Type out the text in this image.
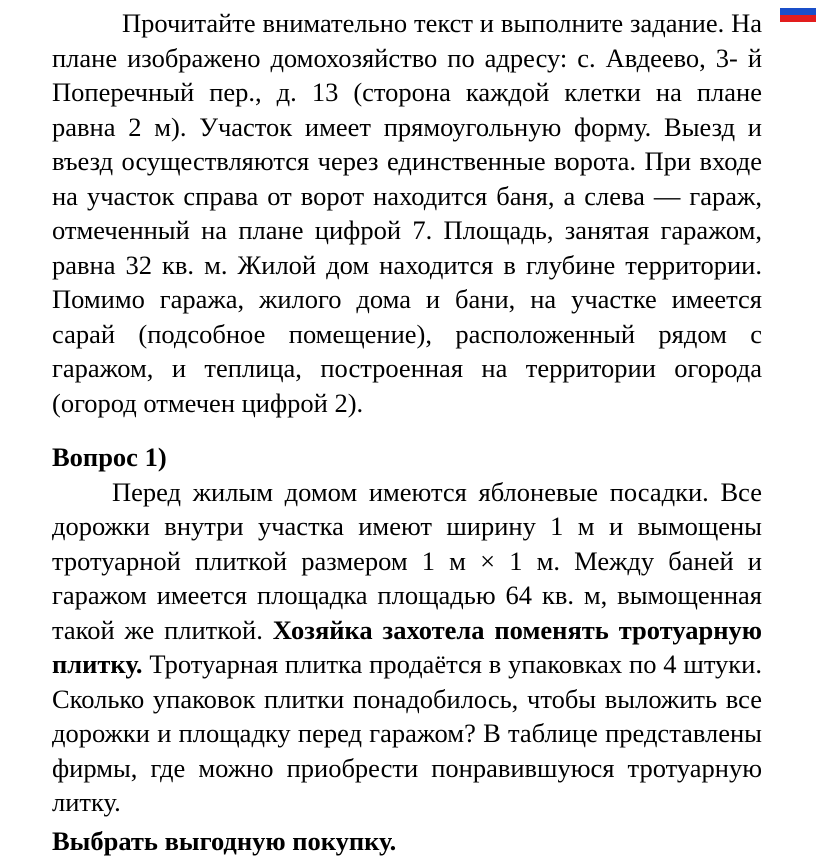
Прочитайте внимательно текст и выполните задание. На плане изображено домохозяйство по адресу: с. Авдеево, 3- й Поперечный пер., д. 13 (сторона каждой клетки на плане равна 2 м). Участок имеет прямоугольную форму. Выезд и въезд осуществляются через единственные ворота. При входе на участок справа от ворот находится баня, а слева — гараж, отмеченный на плане цифрой 7. Площадь, занятая гаражом, равна 32 кв. м. Жилой дом находится в глубине территории. Помимо гаража, жилого дома и бани, на участке имеется сарай (подсобное помещение), расположенный рядом с гаражом, и теплица, построенная на территории огорода (огород отмечен цифрой 2).

Вопрос 1)

Перед жилым домом имеются яблоневые посадки. Все дорожки внутри участка имеют ширину 1 м и вымощены тротуарной плиткой размером 1 м × 1 м. Между баней и гаражом имеется площадка площадью 64 кв. м, вымощенная такой же плиткой. Хозяйка захотела поменять тротуарную плитку. Тротуарная плитка продаётся в упаковках по 4 штуки. Сколько упаковок плитки понадобилось, чтобы выложить все дорожки и площадку перед гаражом? В таблице представлены фирмы, где можно приобрести понравившуюся тротуарную литку.

Выбрать выгодную покупку.
